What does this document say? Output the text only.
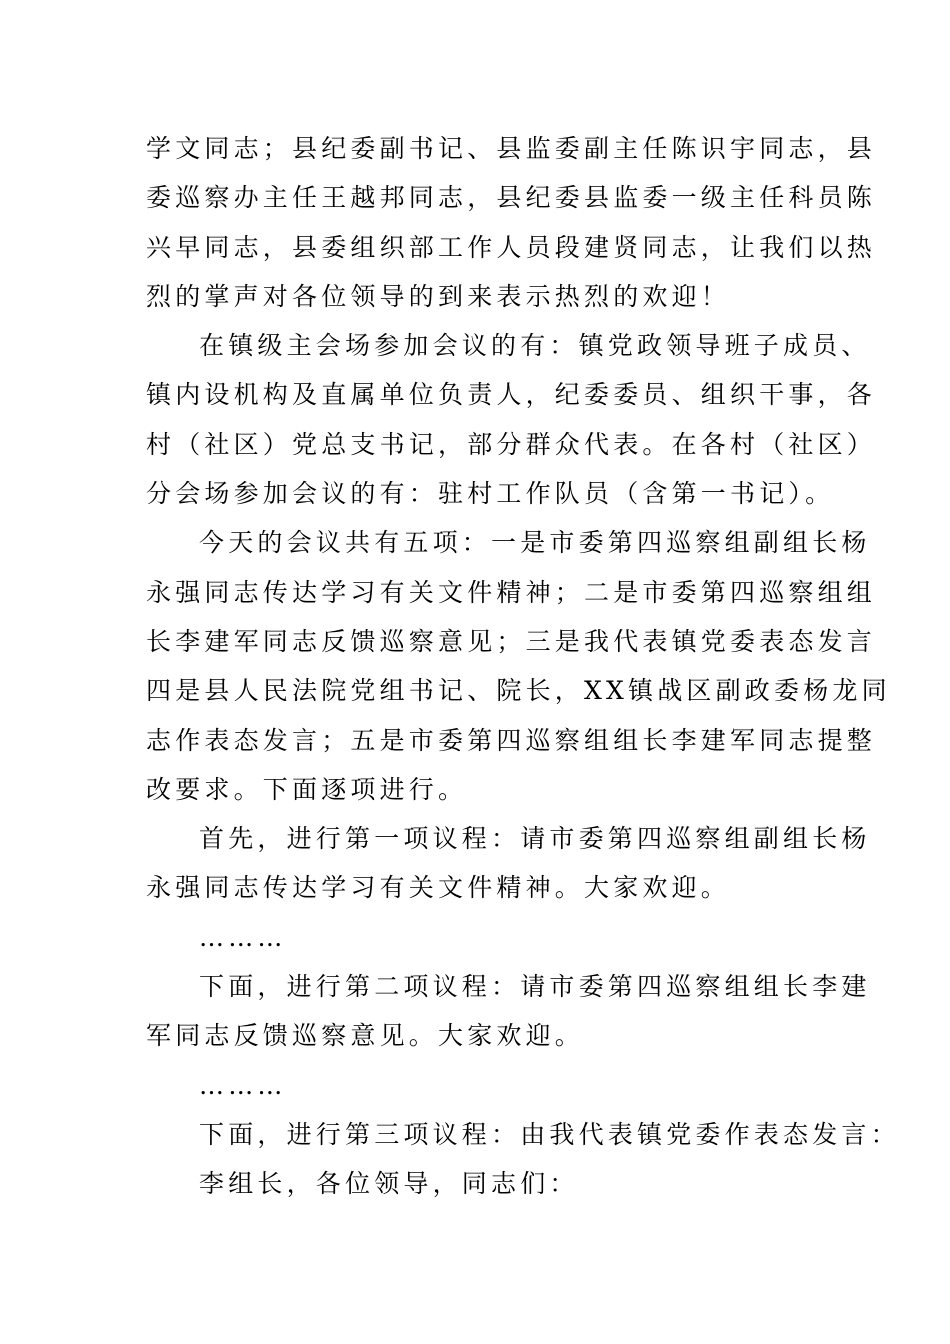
学文同志；县纪委副书记、县监委副主任陈识宇同志，县
委巡察办主任王越邦同志，县纪委县监委一级主任科员陈
兴早同志，县委组织部工作人员段建贤同志，让我们以热
烈的掌声对各位领导的到来表示热烈的欢迎！
在镇级主会场参加会议的有：镇党政领导班子成员、
镇内设机构及直属单位负责人，纪委委员、组织干事，各
村（社区）党总支书记，部分群众代表。在各村（社区）
分会场参加会议的有：驻村工作队员（含第一书记）。
今天的会议共有五项：一是市委第四巡察组副组长杨
永强同志传达学习有关文件精神；二是市委第四巡察组组
长李建军同志反馈巡察意见；三是我代表镇党委表态发言
四是县人民法院党组书记、院长，XX镇战区副政委杨龙同
志作表态发言；五是市委第四巡察组组长李建军同志提整
改要求。下面逐项进行。
首先，进行第一项议程：请市委第四巡察组副组长杨
永强同志传达学习有关文件精神。大家欢迎。
………
下面，进行第二项议程：请市委第四巡察组组长李建
军同志反馈巡察意见。大家欢迎。
………
下面，进行第三项议程：由我代表镇党委作表态发言：
李组长，各位领导，同志们：
